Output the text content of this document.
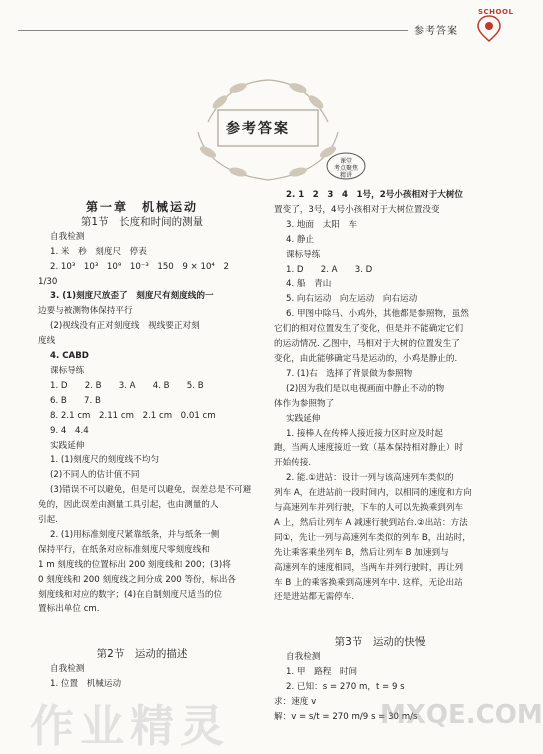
参考答案
SCHOOL
参考答案
课堂
考点聚焦
精讲
第一章　机械运动
第1节　长度和时间的测量
自我检测
1. 米　秒　刻度尺　停表
2. 10³　10³　10⁹　10⁻³　150　9 × 10⁴　2
1/30
3. (1)刻度尺放歪了　刻度尺有刻度线的一
边要与被测物体保持平行
(2)视线没有正对刻度线　视线要正对刻
度线
4. CABD
课标导练
1. D　　2. B　　3. A　　4. B　　5. B
6. B　　7. B
8. 2.1 cm　2.11 cm　2.1 cm　0.01 cm
9. 4　4.4
实践延伸
1. (1)刻度尺的刻度线不均匀
(2)不同人的估计值不同
(3)错误不可以避免，但是可以避免，误差总是不可避
免的，因此误差由测量工具引起，也由测量的人
引起.
2. (1)用标准刻度尺紧靠纸条，并与纸条一侧
保持平行，在纸条对应标准刻度尺零刻度线和
1 m 刻度线的位置标出 200 刻度线和 200；(3)将
0 刻度线和 200 刻度线之间分成 200 等份，标出各
刻度线和对应的数字；(4)在自制刻度尺适当的位
置标出单位 cm.

第2节　运动的描述
自我检测
1. 位置　机械运动
2. 1　2　3　4　1号，2号小孩相对于大树位
置变了，3号，4号小孩相对于大树位置没变
3. 地面　太阳　车
4. 静止
课标导练
1. D　　2. A　　3. D
4. 船　青山
5. 向右运动　向左运动　向右运动
6. 甲图中除马、小鸡外，其他都是参照物，虽然
它们的相对位置发生了变化，但是并不能确定它们
的运动情况. 乙图中，马相对于大树的位置发生了
变化，由此能够确定马是运动的，小鸡是静止的.
7. (1)右　选择了背景做为参照物
(2)因为我们是以电视画面中静止不动的物
体作为参照物了
实践延伸
1. 接棒人在传棒人接近接力区时应及时起
跑，当两人速度接近一致（基本保持相对静止）时
开始传接.
2. 能.①进站：设计一列与该高速列车类似的
列车 A，在进站前一段时间内，以相同的速度和方向
与高速列车并列行驶，下车的人可以先换乘到列车
A 上，然后让列车 A 减速行驶到站台.②出站：方法
同①，先让一列与高速列车类似的列车 B，出站时，
先让乘客乘坐列车 B，然后让列车 B 加速到与
高速列车的速度相同，当两车并列行驶时，再让列
车 B 上的乘客换乘到高速列车中. 这样，无论出站
还是进站都无需停车.

第3节　运动的快慢
自我检测
1. 甲　路程　时间
2. 已知：s = 270 m，t = 9 s
求：速度 v
解：v = s/t = 270 m/9 s = 30 m/s
作业精灵	MXQE.COM
